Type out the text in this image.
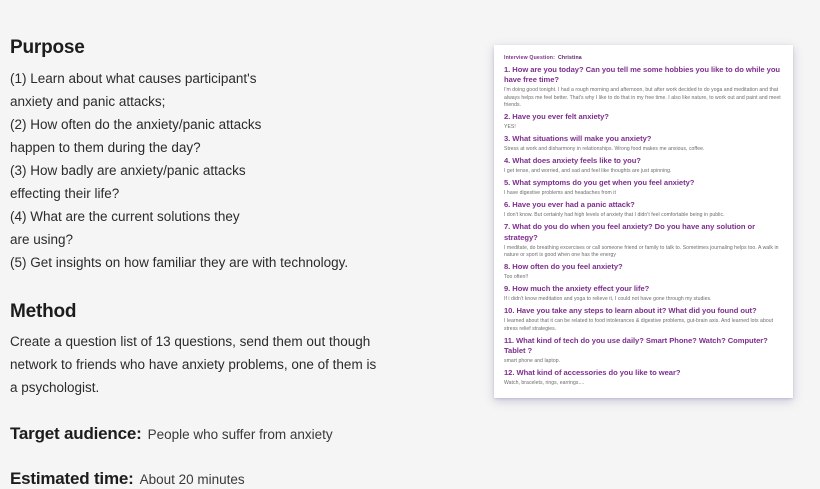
Purpose

(1) Learn about what causes participant's

anxiety and panic attacks;

(2) How often do the anxiety/panic attacks

happen to them during the day?

(3) How badly are anxiety/panic attacks

effecting their life?

(4) What are the current solutions they

are using?

(5) Get insights on how familiar they are with technology.

Method

Create a question list of 13 questions, send them out though

network to friends who have anxiety problems, one of them is

a psychologist.

Target audience: People who suffer from anxiety
Estimated time: About 20 minutes
Interview Question: Christina

1. How are you today? Can you tell me some hobbies you like to do while you have free time?

I'm doing good tonight. I had a rough morning and afternoon, but after work decided to do yoga and meditation and that always helps me feel better. That's why I like to do that in my free time. I also like nature, to work out and paint and meet friends.

2. Have you ever felt anxiety?

YES!

3. What situations will make you anxiety?

Stress at work and disharmony in relationships. Wrong food makes me anxious, coffee.

4. What does anxiety feels like to you?

I get tense, and worried, and sad and feel like thoughts are just spinning.

5. What symptoms do you get when you feel anxiety?

I have digestive problems and headaches from it

6. Have you ever had a panic attack?

I don't know. But certainly had high levels of anxiety that I didn't feel comfortable being in public.

7. What do you do when you feel anxiety? Do you have any solution or strategy?

I meditate, do breathing excercises or call someone friend or family to talk to. Sometimes journaling helps too. A walk in nature or sport is good when one has the energy

8. How often do you feel anxiety?

Too often!!

9. How much the anxiety effect your life?

If i didn't know meditation and yoga to relieve it, I could not have gone through my studies.

10. Have you take any steps to learn about it? What did you found out?

I learned about that it can be related to food intolerances & digestive problems, gut-brain axis. And learned lots about stress relief strategies.

11. What kind of tech do you use daily? Smart Phone? Watch? Computer? Tablet ?

smart phone and laptop.

12. What kind of accessories do you like to wear?

Watch, bracelets, rings, earrings....
